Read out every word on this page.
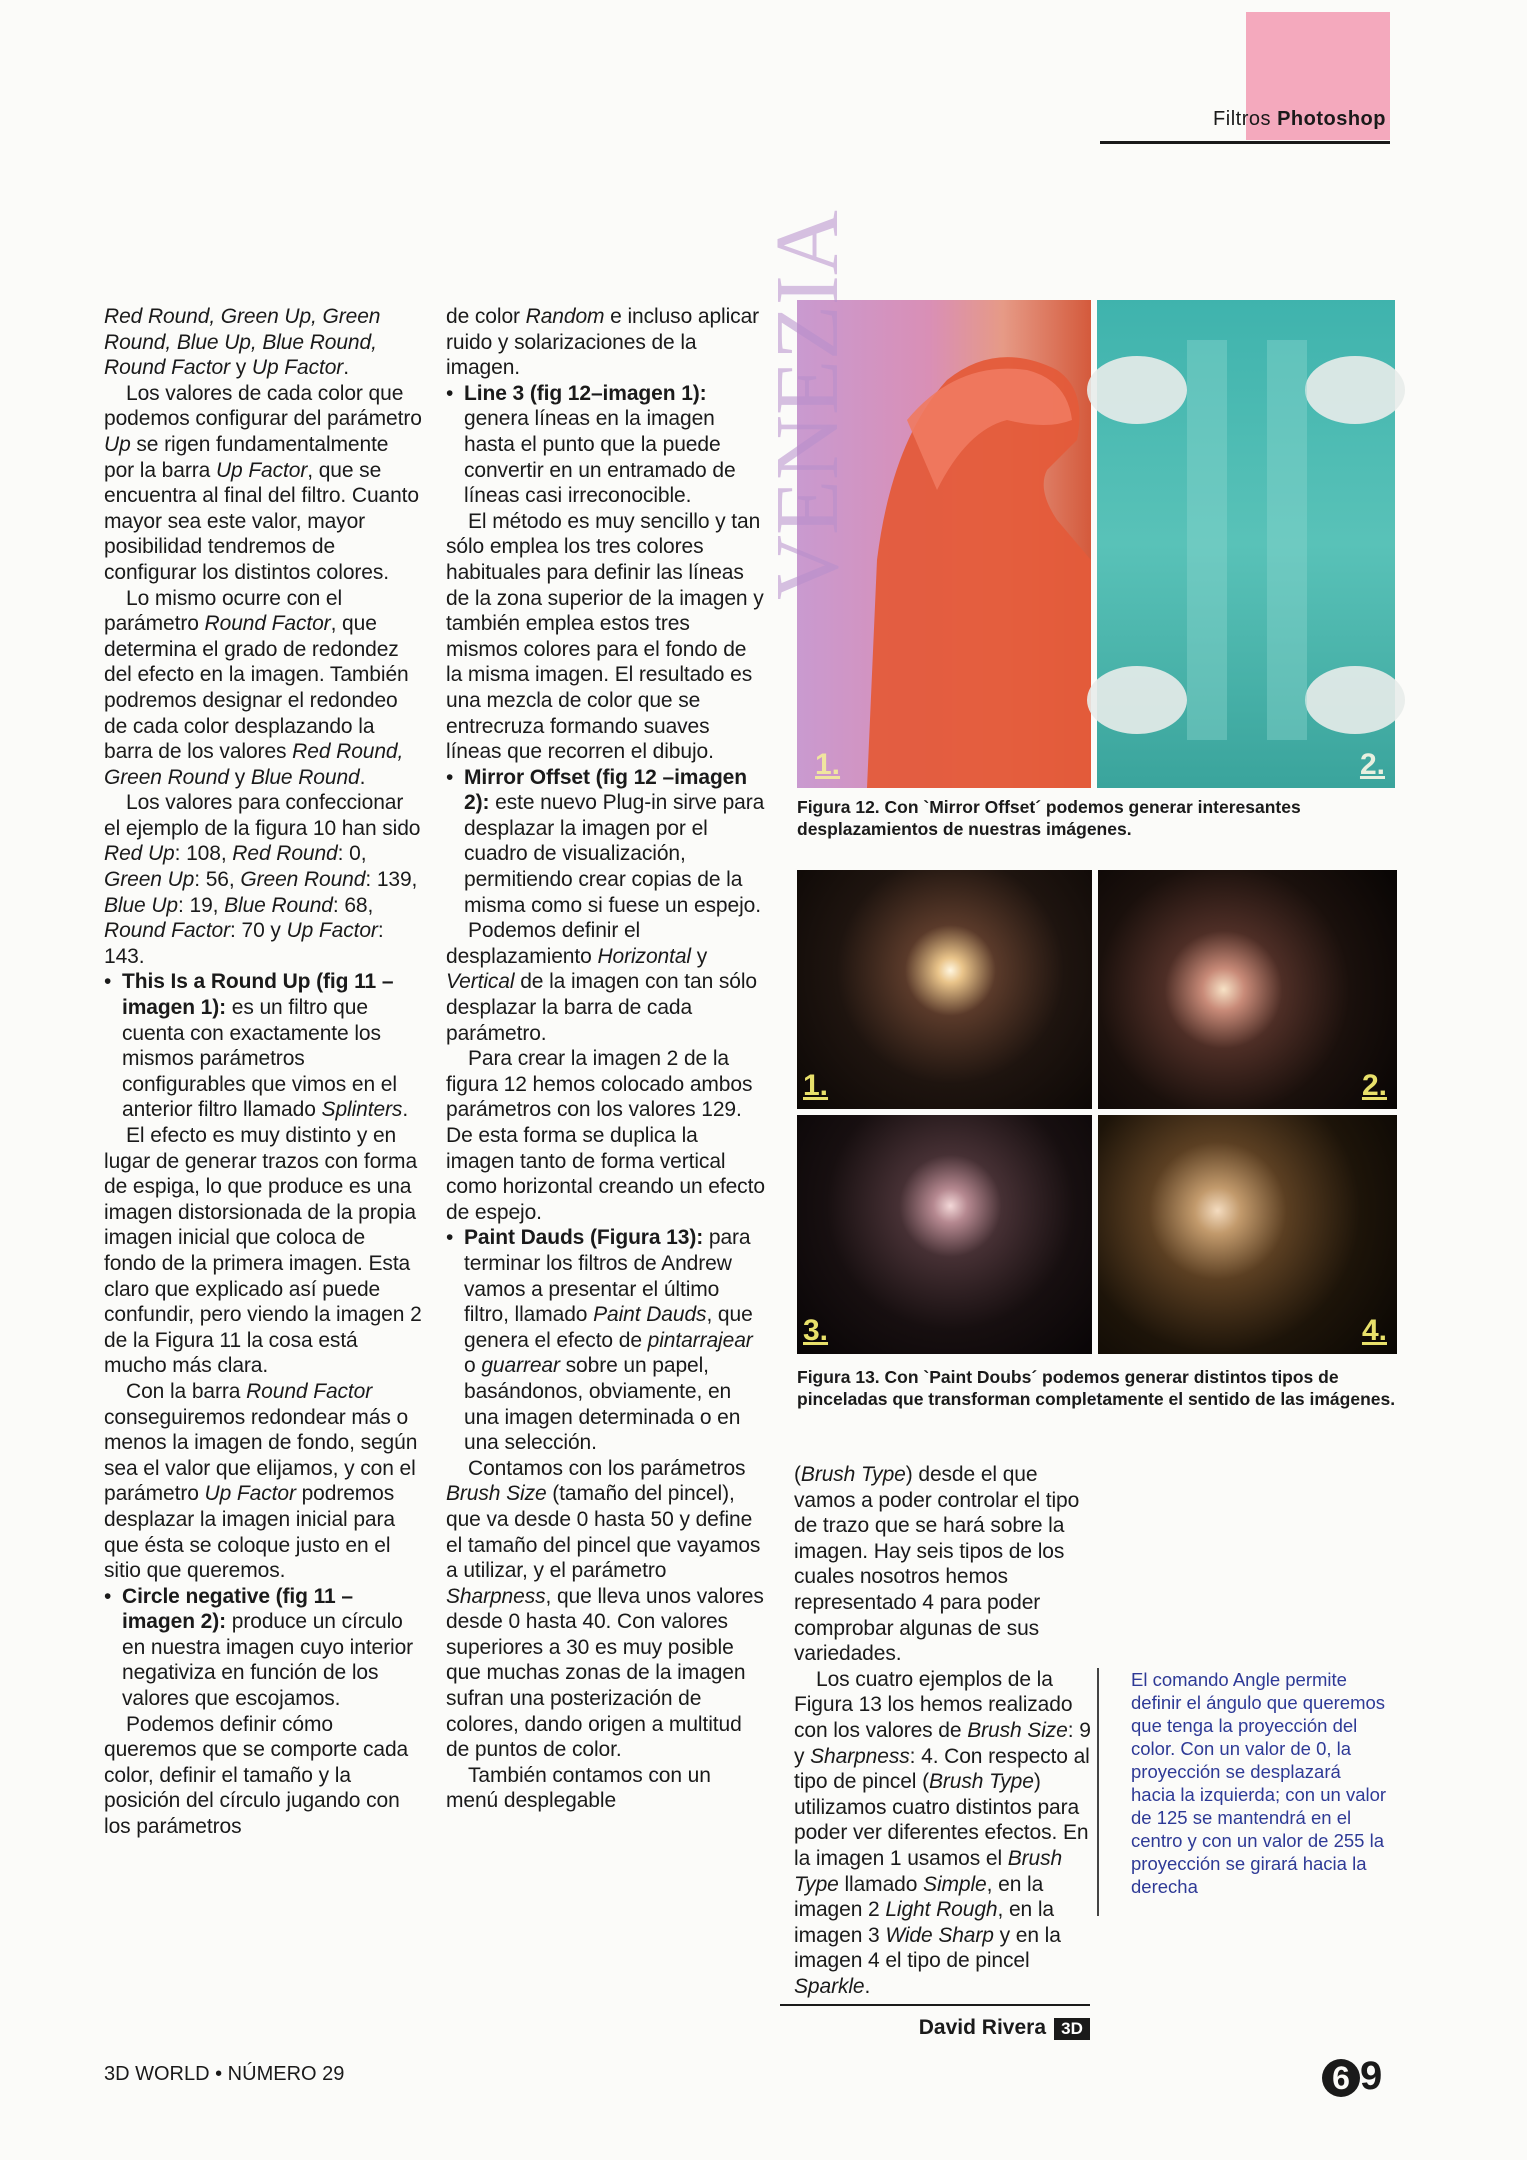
Filtros Photoshop

Red Round, Green Up, Green Round, Blue Up, Blue Round, Round Factor y Up Factor.

Los valores de cada color que podemos configurar del parámetro Up se rigen fundamentalmente por la barra Up Factor, que se encuentra al final del filtro. Cuanto mayor sea este valor, mayor posibilidad tendremos de configurar los distintos colores.

Lo mismo ocurre con el parámetro Round Factor, que determina el grado de redondez del efecto en la imagen. También podremos designar el redondeo de cada color desplazando la barra de los valores Red Round, Green Round y Blue Round.

Los valores para confeccionar el ejemplo de la figura 10 han sido Red Up: 108, Red Round: 0, Green Up: 56, Green Round: 139, Blue Up: 19, Blue Round: 68, Round Factor: 70 y Up Factor: 143.

• This Is a Round Up (fig 11 –imagen 1): es un filtro que cuenta con exactamente los mismos parámetros configurables que vimos en el anterior filtro llamado Splinters.

El efecto es muy distinto y en lugar de generar trazos con forma de espiga, lo que produce es una imagen distorsionada de la propia imagen inicial que coloca de fondo de la primera imagen. Esta claro que explicado así puede confundir, pero viendo la imagen 2 de la Figura 11 la cosa está mucho más clara.

Con la barra Round Factor conseguiremos redondear más o menos la imagen de fondo, según sea el valor que elijamos, y con el parámetro Up Factor podremos desplazar la imagen inicial para que ésta se coloque justo en el sitio que queremos.

• Circle negative (fig 11 –imagen 2): produce un círculo en nuestra imagen cuyo interior negativiza en función de los valores que escojamos.

Podemos definir cómo queremos que se comporte cada color, definir el tamaño y la posición del círculo jugando con los parámetros

de color Random e incluso aplicar ruido y solarizaciones de la imagen.

• Line 3 (fig 12–imagen 1): genera líneas en la imagen hasta el punto que la puede convertir en un entramado de líneas casi irreconocible.

El método es muy sencillo y tan sólo emplea los tres colores habituales para definir las líneas de la zona superior de la imagen y también emplea estos tres mismos colores para el fondo de la misma imagen. El resultado es una mezcla de color que se entrecruza formando suaves líneas que recorren el dibujo.

• Mirror Offset (fig 12 –imagen 2): este nuevo Plug-in sirve para desplazar la imagen por el cuadro de visualización, permitiendo crear copias de la misma como si fuese un espejo.

Podemos definir el desplazamiento Horizontal y Vertical de la imagen con tan sólo desplazar la barra de cada parámetro.

Para crear la imagen 2 de la figura 12 hemos colocado ambos parámetros con los valores 129. De esta forma se duplica la imagen tanto de forma vertical como horizontal creando un efecto de espejo.

• Paint Dauds (Figura 13): para terminar los filtros de Andrew vamos a presentar el último filtro, llamado Paint Dauds, que genera el efecto de pintarrajear o guarrear sobre un papel, basándonos, obviamente, en una imagen determinada o en una selección.

Contamos con los parámetros Brush Size (tamaño del pincel), que va desde 0 hasta 50 y define el tamaño del pincel que vayamos a utilizar, y el parámetro Sharpness, que lleva unos valores desde 0 hasta 40. Con valores superiores a 30 es muy posible que muchas zonas de la imagen sufran una posterización de colores, dando origen a multitud de puntos de color.

También contamos con un menú desplegable

VENEZIA
1.	2.
Figura 12. Con `Mirror Offset´ podemos generar interesantes desplazamientos de nuestras imágenes.
1.	2.
3.	4.
Figura 13. Con `Paint Doubs´ podemos generar distintos tipos de pinceladas que transforman completamente el sentido de las imágenes.

(Brush Type) desde el que vamos a poder controlar el tipo de trazo que se hará sobre la imagen. Hay seis tipos de los cuales nosotros hemos representado 4 para poder comprobar algunas de sus variedades.

Los cuatro ejemplos de la Figura 13 los hemos realizado con los valores de Brush Size: 9 y Sharpness: 4. Con respecto al tipo de pincel (Brush Type) utilizamos cuatro distintos para poder ver diferentes efectos. En la imagen 1 usamos el Brush Type llamado Simple, en la imagen 2 Light Rough, en la imagen 3 Wide Sharp y en la imagen 4 el tipo de pincel Sparkle.

El comando Angle permite definir el ángulo que queremos que tenga la proyección del color. Con un valor de 0, la proyección se desplazará hacia la izquierda; con un valor de 125 se mantendrá en el centro y con un valor de 255 la proyección se girará hacia la derecha
David Rivera 3D
3D WORLD • NÚMERO 29	6 9
